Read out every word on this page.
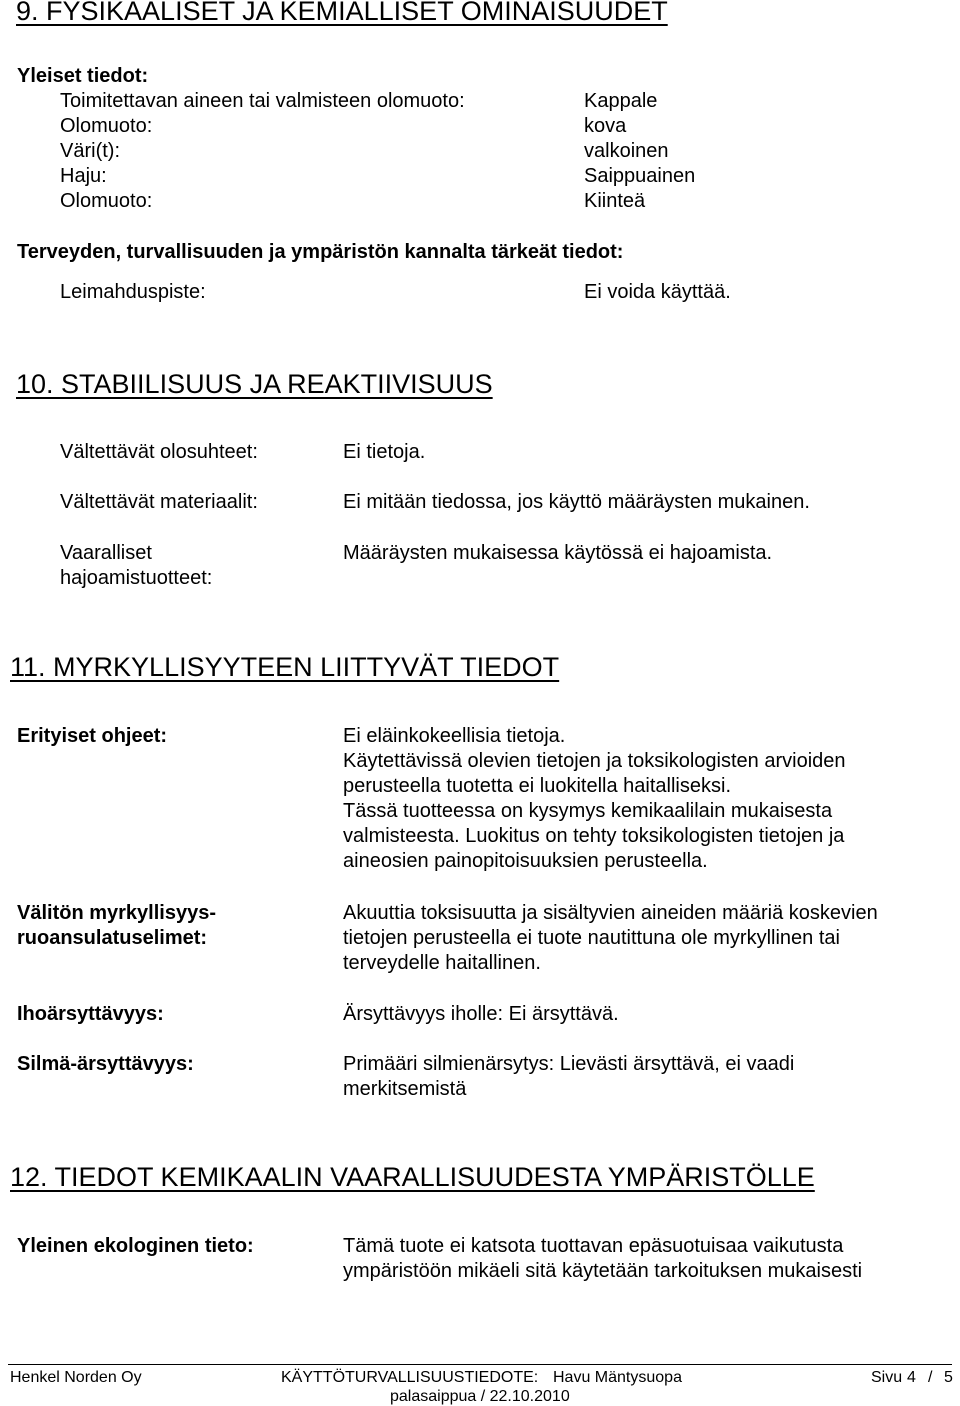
9. FYSIKAALISET JA KEMIALLISET OMINAISUUDET
Yleiset tiedot:
Toimitettavan aineen tai valmisteen olomuoto:	Kappale
Olomuoto:	kova
Väri(t):	valkoinen
Haju:	Saippuainen
Olomuoto:	Kiinteä
Terveyden, turvallisuuden ja ympäristön kannalta tärkeät tiedot:
Leimahduspiste:	Ei voida käyttää.
10. STABIILISUUS JA REAKTIIVISUUS
Vältettävät olosuhteet:	Ei tietoja.
Vältettävät materiaalit:	Ei mitään tiedossa, jos käyttö määräysten mukainen.
Vaaralliset
hajoamistuotteet:
Määräysten mukaisessa käytössä ei hajoamista.
11. MYRKYLLISYYTEEN LIITTYVÄT TIEDOT
Erityiset ohjeet:	Ei eläinkokeellisia tietoja.
Käytettävissä olevien tietojen ja toksikologisten arvioiden
perusteella tuotetta ei luokitella haitalliseksi.
Tässä tuotteessa on kysymys kemikaalilain mukaisesta
valmisteesta. Luokitus on tehty toksikologisten tietojen ja
aineosien painopitoisuuksien perusteella.
Välitön myrkyllisyys-
ruoansulatuselimet:
Akuuttia toksisuutta ja sisältyvien aineiden määriä koskevien
tietojen perusteella ei tuote nautittuna ole myrkyllinen tai
terveydelle haitallinen.
Ihoärsyttävyys:	Ärsyttävyys iholle: Ei ärsyttävä.
Silmä-ärsyttävyys:	Primääri silmienärsytys: Lievästi ärsyttävä, ei vaadi
merkitsemistä
12. TIEDOT KEMIKAALIN VAARALLISUUDESTA YMPÄRISTÖLLE
Yleinen ekologinen tieto:	Tämä tuote ei katsota tuottavan epäsuotuisaa vaikutusta
ympäristöön mikäeli sitä käytetään tarkoituksen mukaisesti
Henkel Norden Oy	KÄYTTÖTURVALLISUUSTIEDOTE: Havu Mäntysuopa
palasaippua / 22.10.2010
Sivu 4 / 5
